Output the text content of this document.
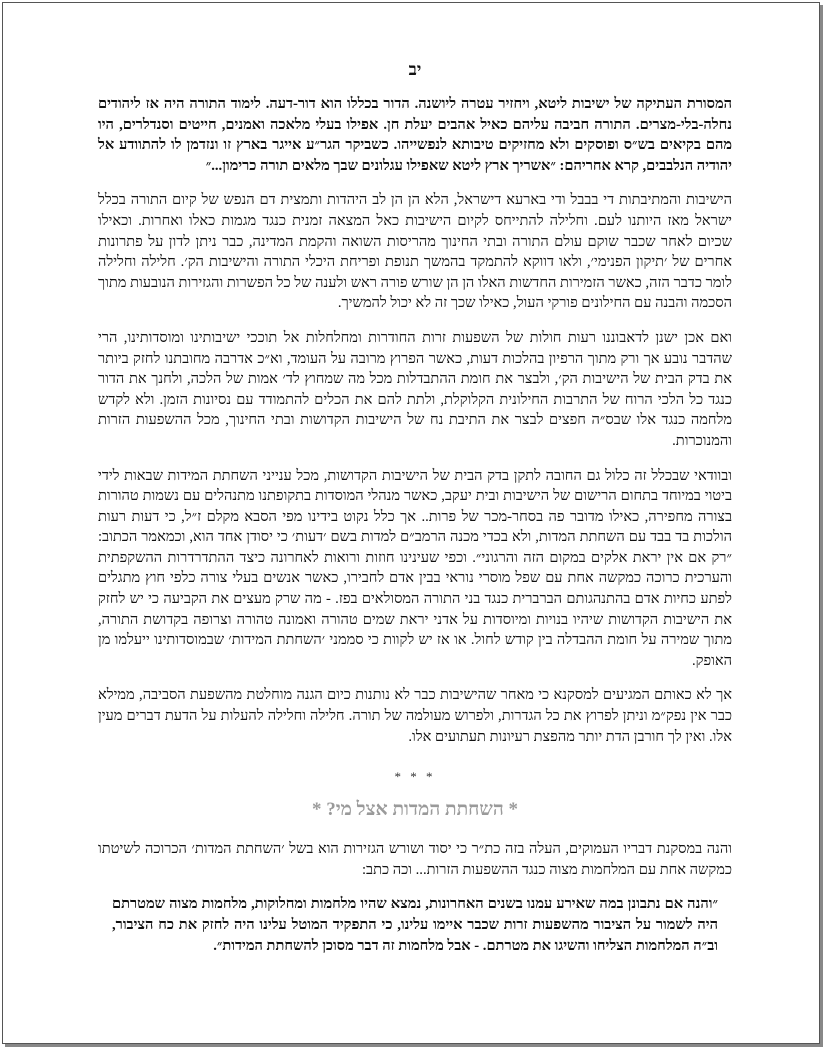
יב

המסורת העתיקה של ישיבות ליטא, ויחזיר עטרה ליושנה. הדור בכללו הוא דור-דעה. לימוד התורה היה אז ליהודים נחלה-בלי-מצרים. התורה חביבה עליהם כאיל אהבים יעלת חן. אפילו בעלי מלאכה ואמנים, חייטים וסנדלרים, היו מהם בקיאים בש״ס ופוסקים ולא מחזיקים טיבותא לנפשייהו. כשביקר הגר״ע אייגר בארץ זו ונזדמן לו להתוודע אל יהודיה הנלבבים, קרא אחריהם: ״אשריך ארץ ליטא שאפילו עגלונים שבך מלאים תורה כרימון...״

הישיבות והמתיבתות די בבבל ודי בארעא דישראל, הלא הן הן לב היהדות ותמצית דם הנפש של קיום התורה בכלל ישראל מאז היותנו לעם. וחלילה להתייחס לקיום הישיבות כאל המצאה זמנית כנגד מגמות כאלו ואחרות. וכאילו שכיום לאחר שכבר שוקם עולם התורה ובתי החינוך מהריסות השואה והקמת המדינה, כבר ניתן לדון על פתרונות אחרים של ׳תיקון הפנימי׳, ולאו דווקא להתמקד בהמשך תנופת ופריחת היכלי התורה והישיבות הק׳. חלילה וחלילה לומר כדבר הזה, כאשר הזמירות החדשות האלו הן הן שורש פורה ראש ולענה של כל הפשרות והגזירות הנובעות מתוך הסכמה והבנה עם החילונים פורקי העול, כאילו שכך זה לא יכול להמשיך.

ואם אכן ישנן לדאבוננו רעות חולות של השפעות זרות החודרות ומחלחלות אל תוככי ישיבותינו ומוסדותינו, הרי שהדבר נובע אך ורק מתוך הרפיון בהלכות דעות, כאשר הפרוץ מרובה על העומד, וא״כ אדרבה מחובתנו לחזק ביותר את בדק הבית של הישיבות הק׳, ולבצר את חומת ההתבדלות מכל מה שמחוץ לד׳ אמות של הלכה, ולחנך את הדור כנגד כל הלכי הרוח של התרבות החילונית הקלוקלת, ולתת להם את הכלים להתמודד עם נסיונות הזמן. ולא לקדש מלחמה כנגד אלו שבס״ה חפצים לבצר את התיבת נח של הישיבות הקדושות ובתי החינוך, מכל ההשפעות הזרות והמנוכרות.

ובוודאי שבכלל זה כלול גם החובה לתקן בדק הבית של הישיבות הקדושות, מכל ענייני השחתת המידות שבאות לידי ביטוי במיוחד בתחום הרישום של הישיבות ובית יעקב, כאשר מנהלי המוסדות בתקופתנו מתנהלים עם נשמות טהורות בצורה מחפירה, כאילו מדובר פה בסחר-מכר של פרות.. אך כלל נקוט בידינו מפי הסבא מקלם ז״ל, כי דעות רעות הולכות בד בבד עם השחתת המדות, ולא בכדי מכנה הרמב״ם למדות בשם ׳דעות׳ כי יסודן אחד הוא, וכמאמר הכתוב: ״רק אם אין יראת אלקים במקום הזה והרגוני״. וכפי שעינינו חוזות ורואות לאחרונה כיצד ההתדרדרות ההשקפתית והערכית כרוכה כמקשה אחת עם שפל מוסרי נוראי בבין אדם לחבירו, כאשר אנשים בעלי צורה כלפי חוץ מתגלים לפתע כחיות אדם בהתנהגותם הברברית כנגד בני התורה המסולאים בפז. - מה שרק מעצים את הקביעה כי יש לחזק את הישיבות הקדושות שיהיו בנויות ומיוסדות על אדני יראת שמים טהורה ואמונה טהורה וצרופה בקדושת התורה, מתוך שמירה על חומת ההבדלה בין קודש לחול. או אז יש לקוות כי סממני ׳השחתת המידות׳ שבמוסדותינו ייעלמו מן האופק.

אך לא כאותם המגיעים למסקנא כי מאחר שהישיבות כבר לא נותנות כיום הגנה מוחלטת מהשפעת הסביבה, ממילא כבר אין נפק״מ וניתן לפרוץ את כל הגדרות, ולפרוש מעולמה של תורה. חלילה וחלילה להעלות על הדעת דברים מעין אלו. ואין לך חורבן הדת יותר מהפצת רעיונות תעתועים אלו.

* * *
* השחתת המדות אצל מי? *

והנה במסקנת דבריו העמוקים, העלה בזה כת״ר כי יסוד ושורש הגזירות הוא בשל ׳השחתת המדות׳ הכרוכה לשיטתו כמקשה אחת עם המלחמות מצוה כנגד ההשפעות הזרות... וכה כתב:

״והנה אם נתבונן במה שאירע עמנו בשנים האחרונות, נמצא שהיו מלחמות ומחלוקות, מלחמות מצוה שמטרתם היה לשמור על הציבור מהשפעות זרות שכבר איימו עלינו, כי התפקיד המוטל עלינו היה לחזק את כח הציבור, וב״ה המלחמות הצליחו והשיגו את מטרתם. - אבל מלחמות זה דבר מסוכן להשחתת המידות״.
